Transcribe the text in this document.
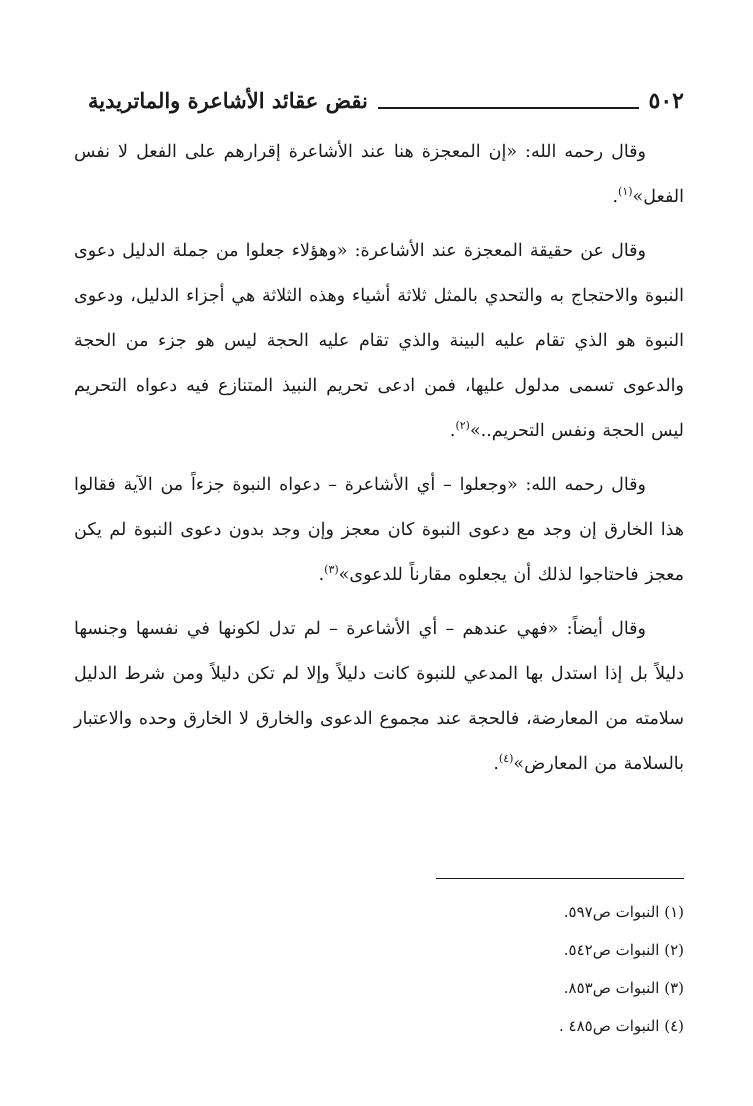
٥٠٢
نقض عقائد الأشاعرة والماتريدية

وقال رحمه الله: «إن المعجزة هنا عند الأشاعرة إقرارهم على الفعل لا نفس الفعل»$^{(١)}$.

وقال عن حقيقة المعجزة عند الأشاعرة: «وهؤلاء جعلوا من جملة الدليل دعوى النبوة والاحتجاج به والتحدي بالمثل ثلاثة أشياء وهذه الثلاثة هي أجزاء الدليل، ودعوى النبوة هو الذي تقام عليه البينة والذي تقام عليه الحجة ليس هو جزء من الحجة والدعوى تسمى مدلول عليها، فمن ادعى تحريم النبيذ المتنازع فيه دعواه التحريم ليس الحجة ونفس التحريم..»$^{(٢)}$.

وقال رحمه الله: «وجعلوا – أي الأشاعرة – دعواه النبوة جزءاً من الآية فقالوا هذا الخارق إن وجد مع دعوى النبوة كان معجز وإن وجد بدون دعوى النبوة لم يكن معجز فاحتاجوا لذلك أن يجعلوه مقارناً للدعوى»$^{(٣)}$.

وقال أيضاً: «فهي عندهم – أي الأشاعرة – لم تدل لكونها في نفسها وجنسها دليلاً بل إذا استدل بها المدعي للنبوة كانت دليلاً وإلا لم تكن دليلاً ومن شرط الدليل سلامته من المعارضة، فالحجة عند مجموع الدعوى والخارق لا الخارق وحده والاعتبار بالسلامة من المعارض»$^{(٤)}$.

(١) النبوات ص٥٩٧.
(٢) النبوات ص٥٤٢.
(٣) النبوات ص٨٥٣.
(٤) النبوات ص٤٨٥ .
